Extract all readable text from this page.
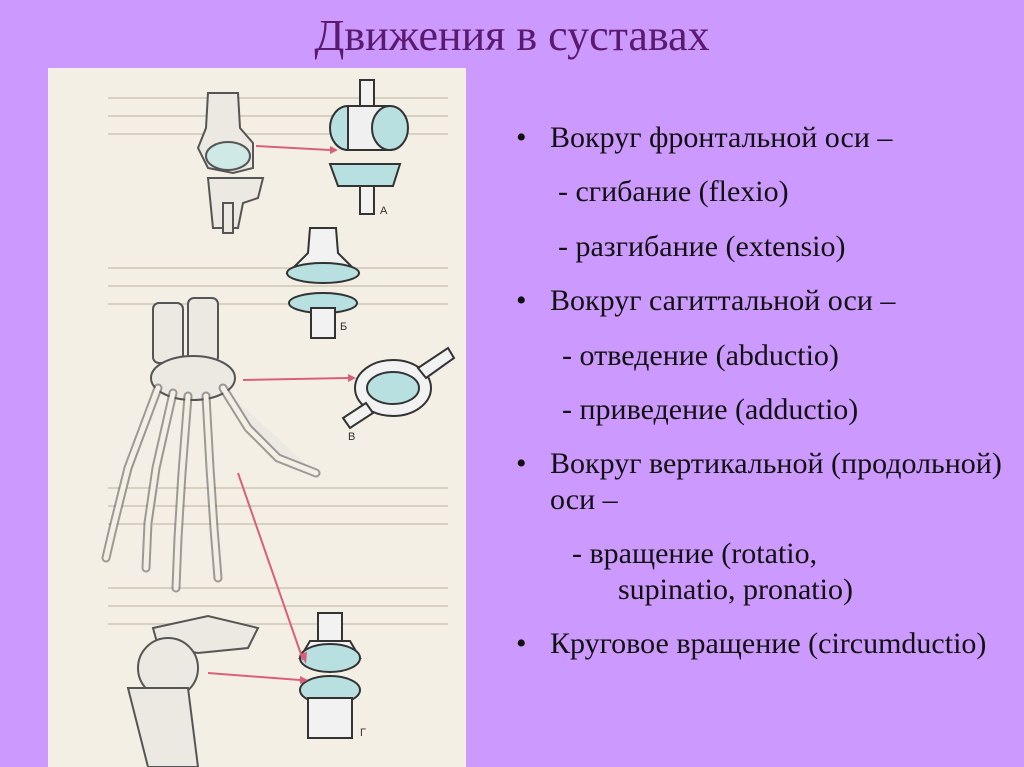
Движения в суставах
А
Б
В
Г
• Вокруг фронтальной оси –
- сгибание (flexio)
- разгибание (extensio)
• Вокруг сагиттальной оси –
- отведение (abductio)
- приведение (adductio)
• Вокруг вертикальной (продольной) оси –
- вращение (rotatio,
supinatio, pronatio)
• Круговое вращение (circumductio)
